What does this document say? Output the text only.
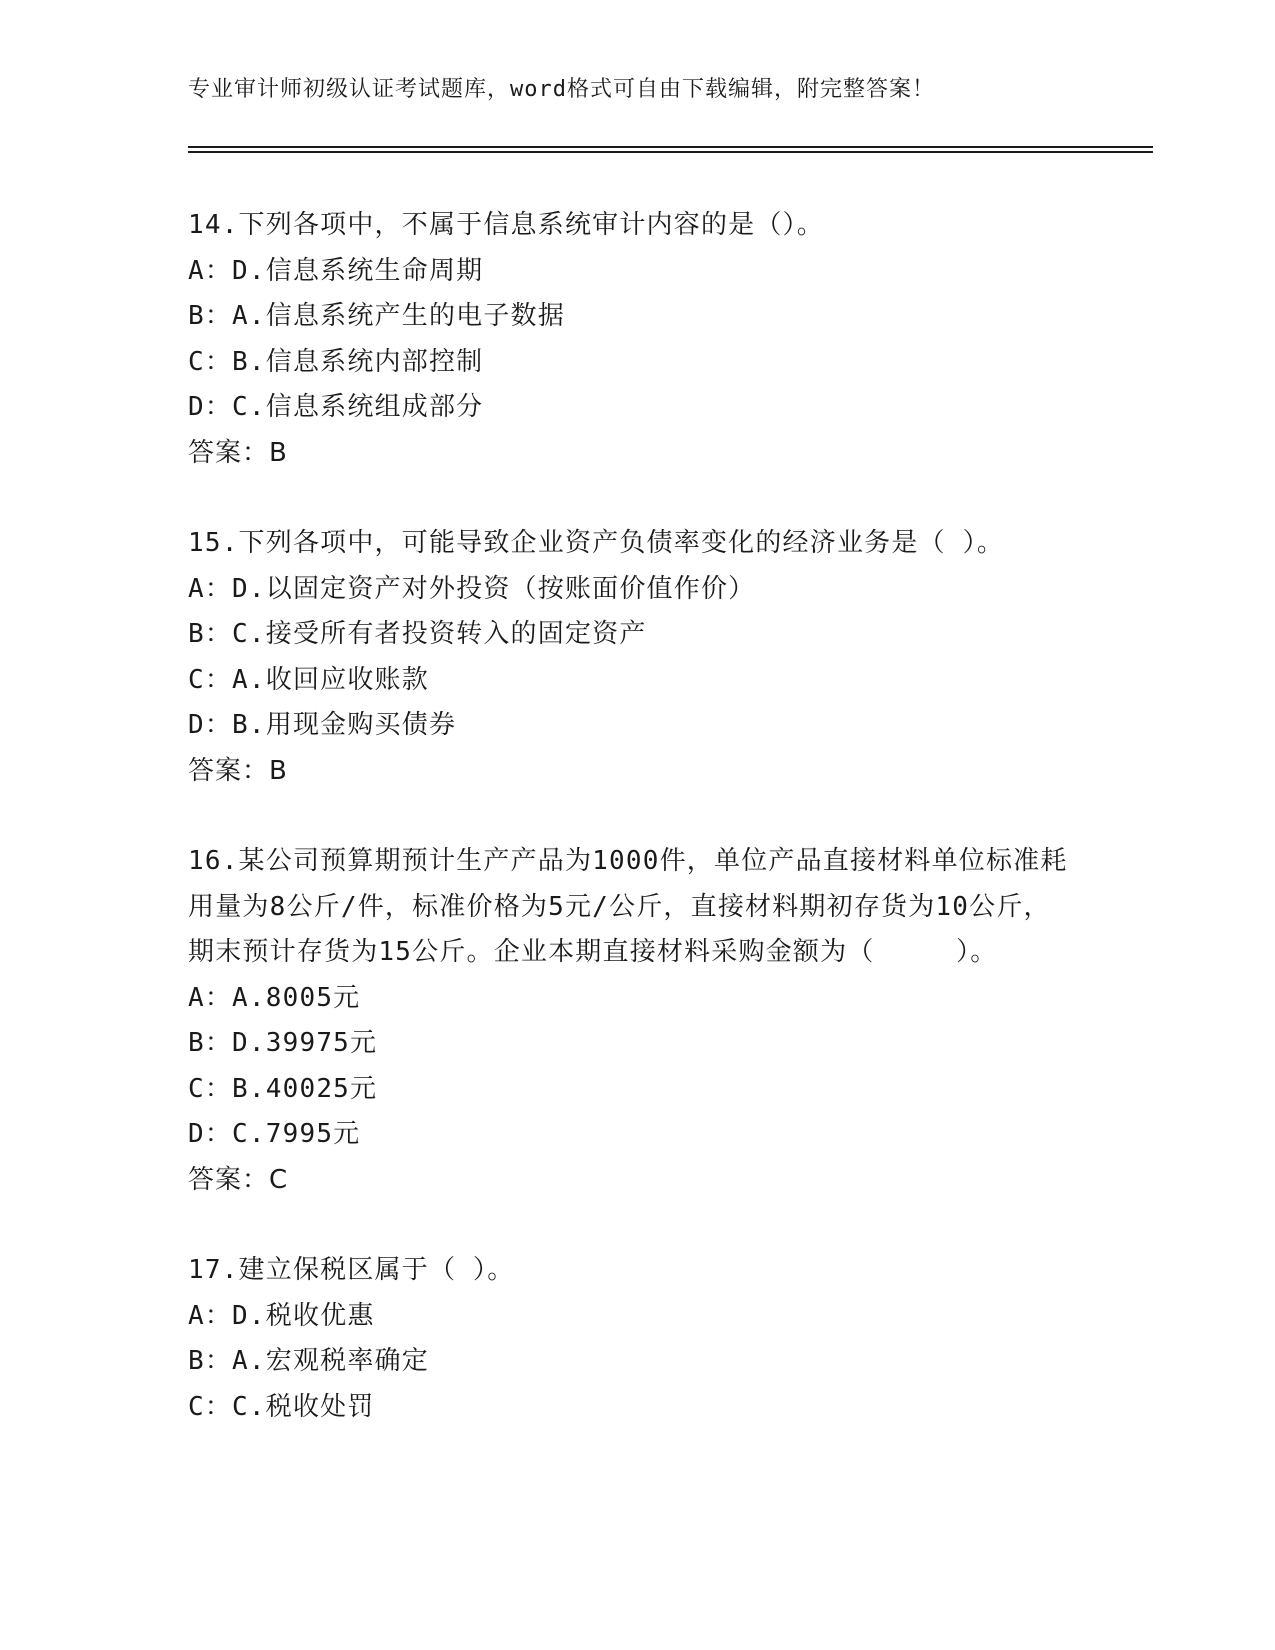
专业审计师初级认证考试题库，word格式可自由下载编辑，附完整答案！

14.下列各项中，不属于信息系统审计内容的是（）。

A：D.信息系统生命周期

B：A.信息系统产生的电子数据

C：B.信息系统内部控制

D：C.信息系统组成部分

答案：B

15.下列各项中，可能导致企业资产负债率变化的经济业务是（ ）。

A：D.以固定资产对外投资（按账面价值作价）

B：C.接受所有者投资转入的固定资产

C：A.收回应收账款

D：B.用现金购买债券

答案：B

16.某公司预算期预计生产产品为1000件，单位产品直接材料单位标准耗用量为8公斤/件，标准价格为5元/公斤，直接材料期初存货为10公斤，期末预计存货为15公斤。企业本期直接材料采购金额为（　　　）。

A：A.8005元

B：D.39975元

C：B.40025元

D：C.7995元

答案：C

17.建立保税区属于（ ）。

A：D.税收优惠

B：A.宏观税率确定

C：C.税收处罚
